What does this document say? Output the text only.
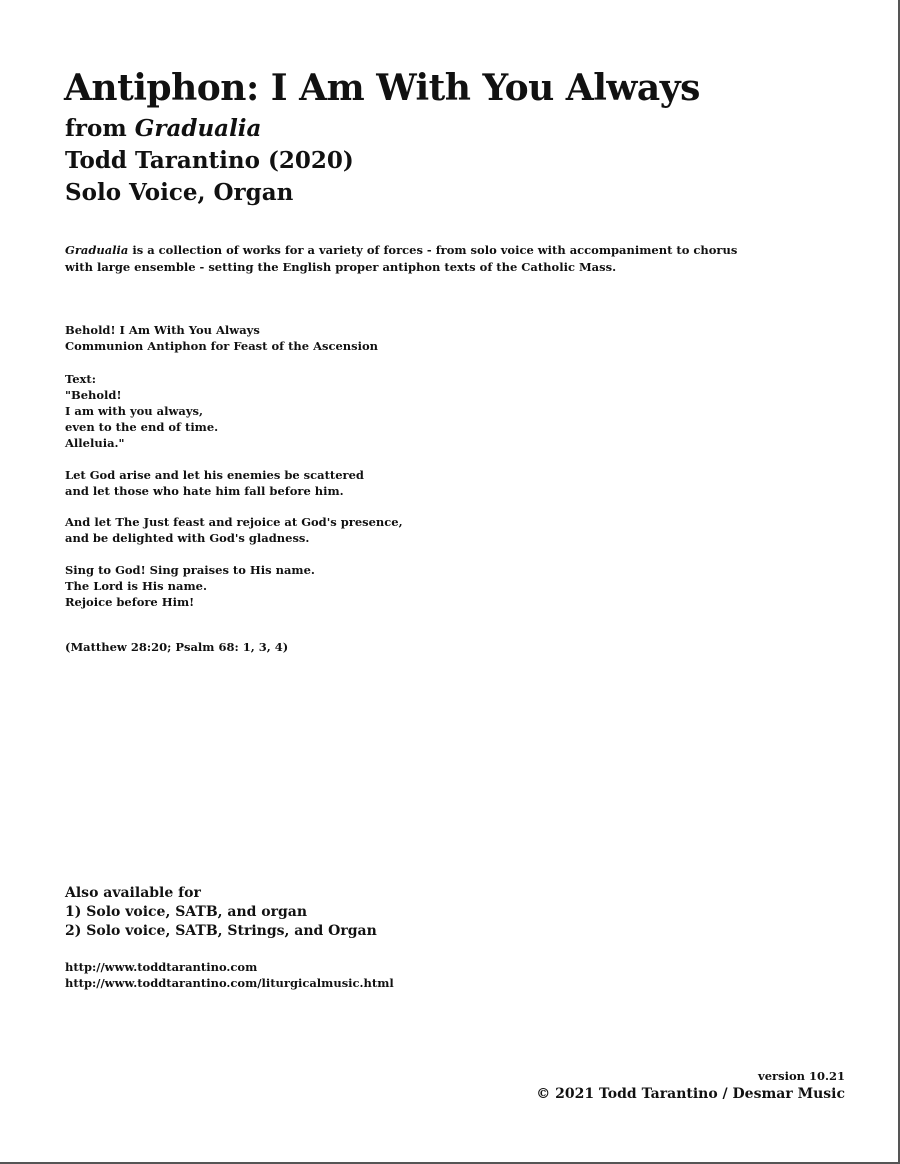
Antiphon: I Am With You Always
from Gradualia
Todd Tarantino (2020)
Solo Voice, Organ
Gradualia is a collection of works for a variety of forces - from solo voice with accompaniment to chorus with large ensemble - setting the English proper antiphon texts of the Catholic Mass.
Behold! I Am With You Always
Communion Antiphon for Feast of the Ascension
Text:
"Behold!
I am with you always,
even to the end of time.
Alleluia."
Let God arise and let his enemies be scattered
and let those who hate him fall before him.
And let The Just feast and rejoice at God's presence,
and be delighted with God's gladness.
Sing to God! Sing praises to His name.
The Lord is His name.
Rejoice before Him!
(Matthew 28:20; Psalm 68: 1, 3, 4)
Also available for
1) Solo voice, SATB, and organ
2) Solo voice, SATB, Strings, and Organ
http://www.toddtarantino.com
http://www.toddtarantino.com/liturgicalmusic.html
version 10.21
© 2021 Todd Tarantino / Desmar Music
